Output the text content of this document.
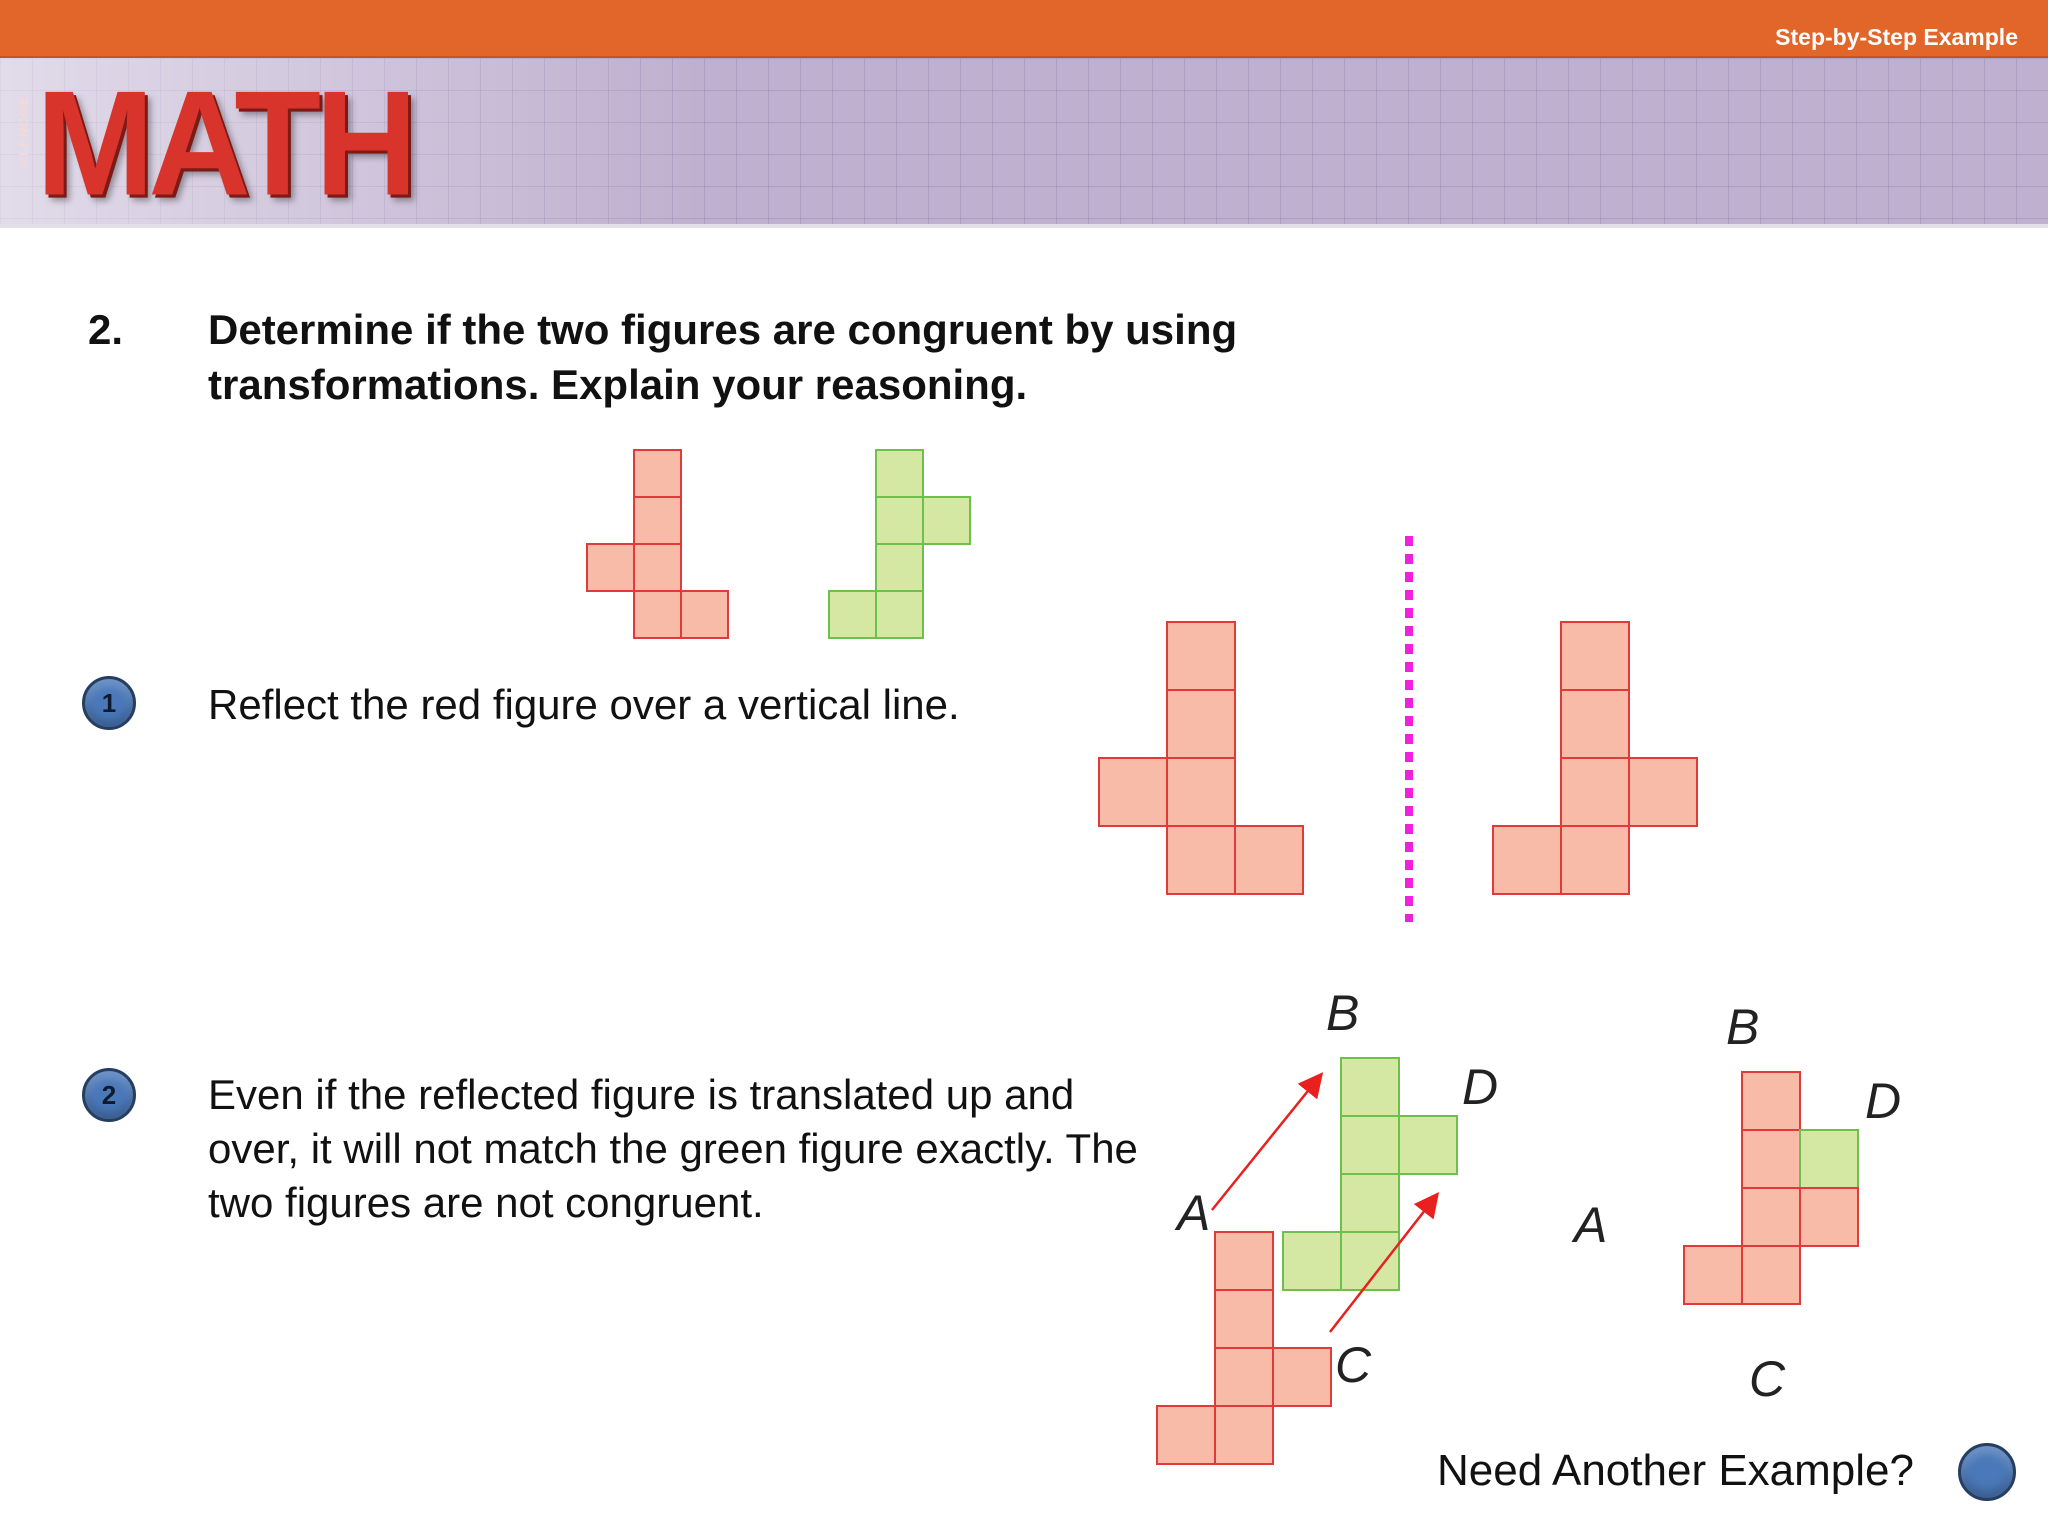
Step-by-Step Example
GLENCOE MATH
2. Determine if the two figures are congruent by using transformations. Explain your reasoning.
1	Reflect the red figure over a vertical line.
2	Even if the reflected figure is translated up and over, it will not match the green figure exactly. The two figures are not congruent.	A
B
C
D
A
B
C
D
Need Another Example?
